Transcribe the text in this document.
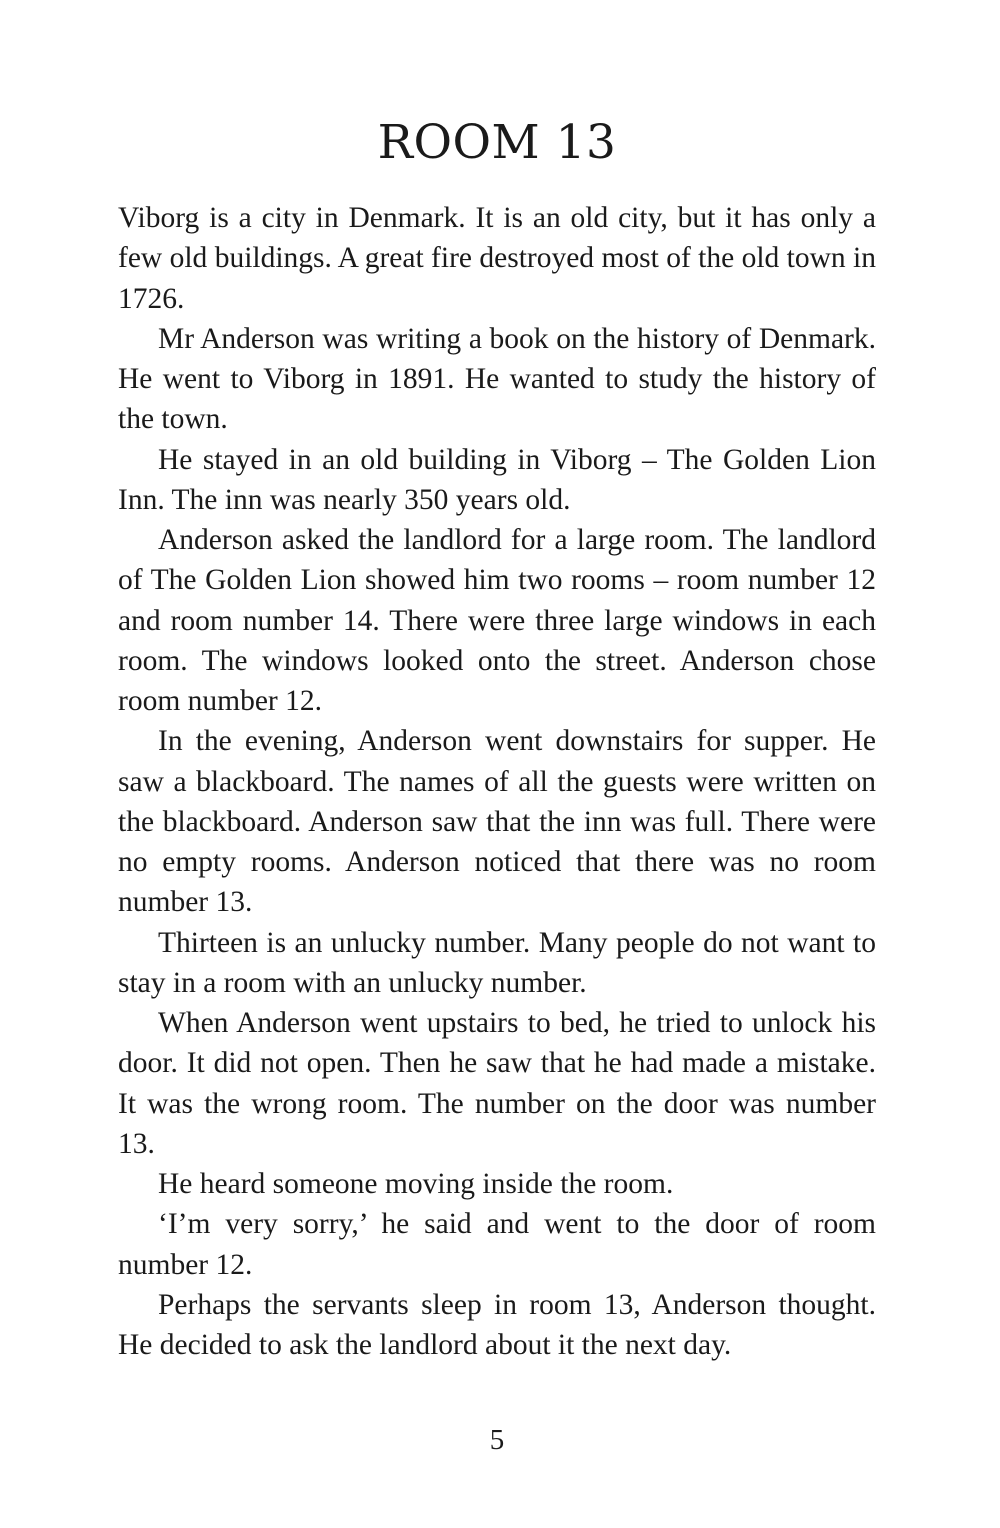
ROOM 13

Viborg is a city in Denmark. It is an old city, but it has only a few old buildings. A great fire destroyed most of the old town in 1726.

Mr Anderson was writing a book on the history of Denmark. He went to Viborg in 1891. He wanted to study the history of the town.

He stayed in an old building in Viborg – The Golden Lion Inn. The inn was nearly 350 years old.

Anderson asked the landlord for a large room. The landlord of The Golden Lion showed him two rooms – room number 12 and room number 14. There were three large windows in each room. The windows looked onto the street. Anderson chose room number 12.

In the evening, Anderson went downstairs for supper. He saw a blackboard. The names of all the guests were written on the blackboard. Anderson saw that the inn was full. There were no empty rooms. Anderson noticed that there was no room number 13.

Thirteen is an unlucky number. Many people do not want to stay in a room with an unlucky number.

When Anderson went upstairs to bed, he tried to unlock his door. It did not open. Then he saw that he had made a mistake. It was the wrong room. The number on the door was number 13.

He heard someone moving inside the room.

‘I’m very sorry,’ he said and went to the door of room number 12.

Perhaps the servants sleep in room 13, Anderson thought. He decided to ask the landlord about it the next day.

5
